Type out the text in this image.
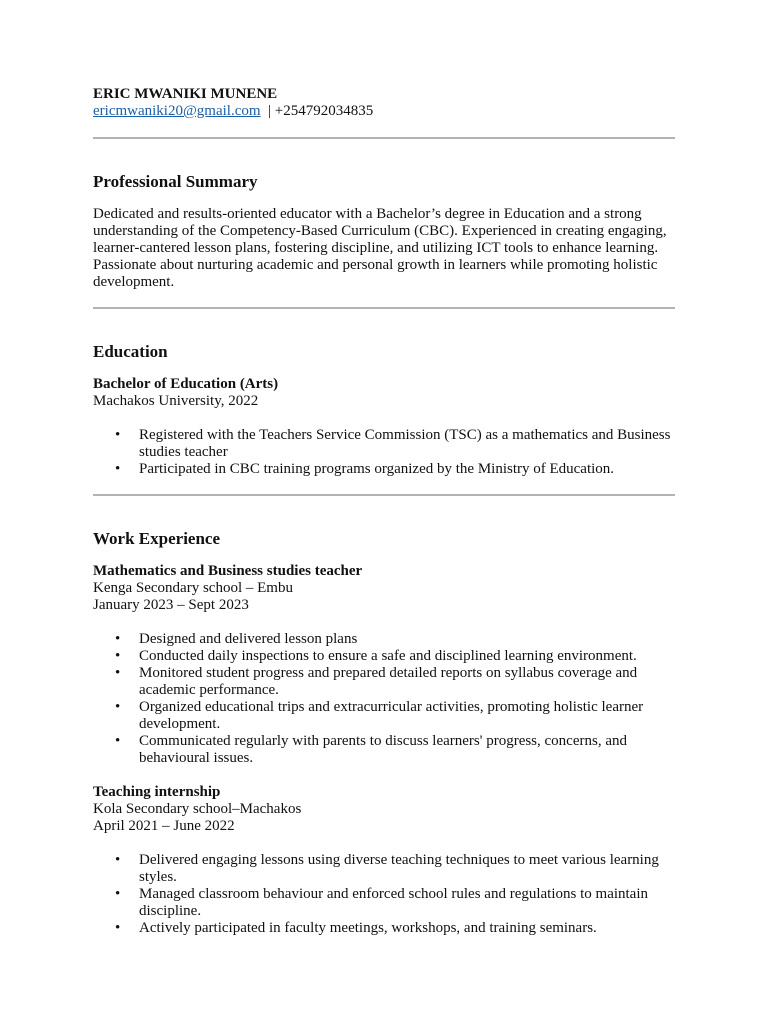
ERIC MWANIKI MUNENE

ericmwaniki20@gmail.com  | +254792034835

Professional Summary

Dedicated and results-oriented educator with a Bachelor’s degree in Education and a strong understanding of the Competency-Based Curriculum (CBC). Experienced in creating engaging, learner-cantered lesson plans, fostering discipline, and utilizing ICT tools to enhance learning. Passionate about nurturing academic and personal growth in learners while promoting holistic development.

Education

Bachelor of Education (Arts)

Machakos University, 2022

• Registered with the Teachers Service Commission (TSC) as a mathematics and Business studies teacher
• Participated in CBC training programs organized by the Ministry of Education.
Work Experience

Mathematics and Business studies teacher

Kenga Secondary school – Embu

January 2023 – Sept 2023

• Designed and delivered lesson plans
• Conducted daily inspections to ensure a safe and disciplined learning environment.
• Monitored student progress and prepared detailed reports on syllabus coverage and academic performance.
• Organized educational trips and extracurricular activities, promoting holistic learner development.
• Communicated regularly with parents to discuss learners' progress, concerns, and behavioural issues.

Teaching internship

Kola Secondary school–Machakos

April 2021 – June 2022

• Delivered engaging lessons using diverse teaching techniques to meet various learning styles.
• Managed classroom behaviour and enforced school rules and regulations to maintain discipline.
• Actively participated in faculty meetings, workshops, and training seminars.
